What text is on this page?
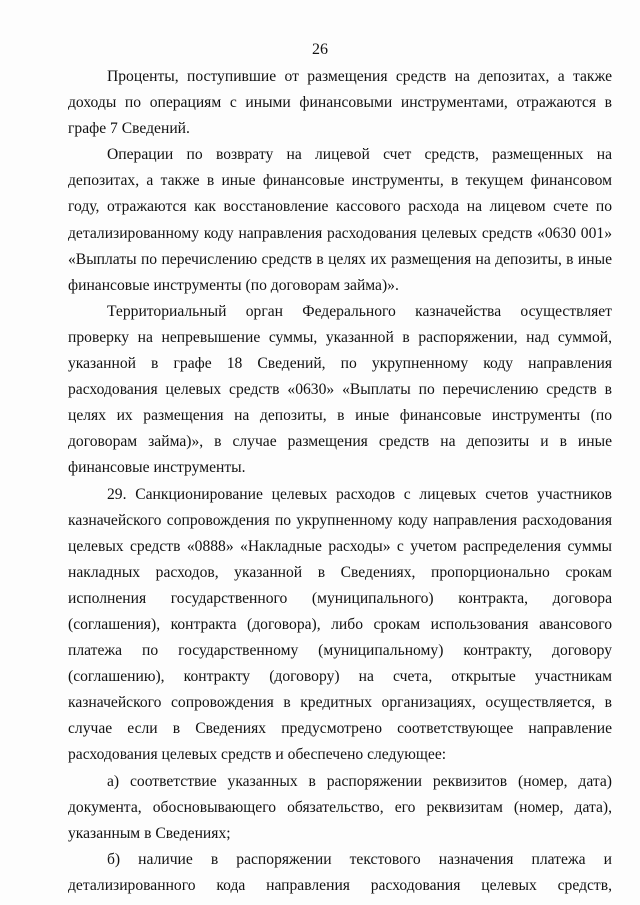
26

Проценты, поступившие от размещения средств на депозитах, а также доходы по операциям с иными финансовыми инструментами, отражаются в графе 7 Сведений.

Операции по возврату на лицевой счет средств, размещенных на депозитах, а также в иные финансовые инструменты, в текущем финансовом году, отражаются как восстановление кассового расхода на лицевом счете по детализированному коду направления расходования целевых средств «0630 001» «Выплаты по перечислению средств в целях их размещения на депозиты, в иные финансовые инструменты (по договорам займа)».

Территориальный орган Федерального казначейства осуществляет проверку на непревышение суммы, указанной в распоряжении, над суммой, указанной в графе 18 Сведений, по укрупненному коду направления расходования целевых средств «0630» «Выплаты по перечислению средств в целях их размещения на депозиты, в иные финансовые инструменты (по договорам займа)», в случае размещения средств на депозиты и в иные финансовые инструменты.

29. Санкционирование целевых расходов с лицевых счетов участников казначейского сопровождения по укрупненному коду направления расходования целевых средств «0888» «Накладные расходы» с учетом распределения суммы накладных расходов, указанной в Сведениях, пропорционально срокам исполнения государственного (муниципального) контракта, договора (соглашения), контракта (договора), либо срокам использования авансового платежа по государственному (муниципальному) контракту, договору (соглашению), контракту (договору) на счета, открытые участникам казначейского сопровождения в кредитных организациях, осуществляется, в случае если в Сведениях предусмотрено соответствующее направление расходования целевых средств и обеспечено следующее:

а) соответствие указанных в распоряжении реквизитов (номер, дата) документа, обосновывающего обязательство, его реквизитам (номер, дата), указанным в Сведениях;

б) наличие в распоряжении текстового назначения платежа и детализированного кода направления расходования целевых средств,
